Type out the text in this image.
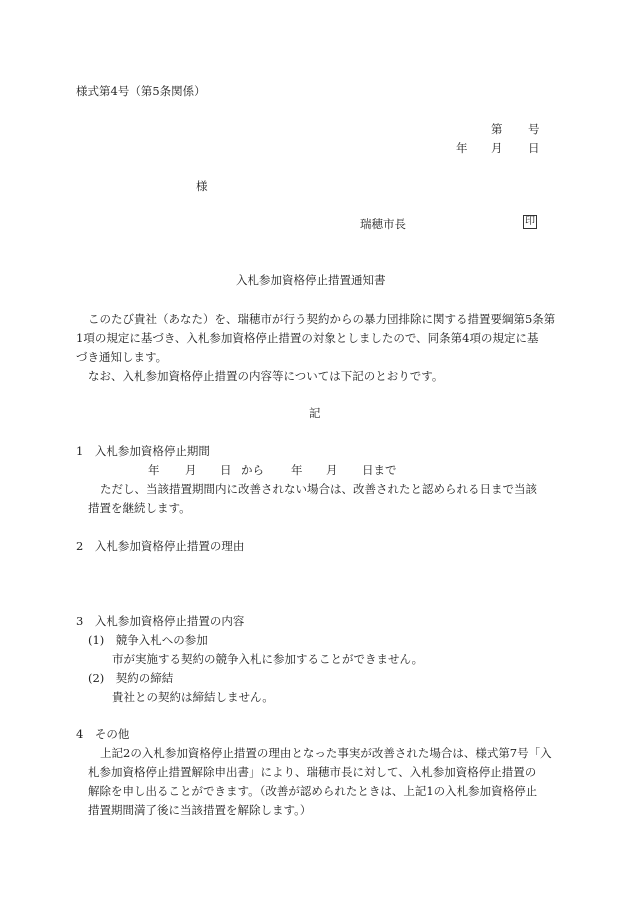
様式第4号（第5条関係）
第 号
年 月 日
様
瑞穂市長	印
入札参加資格停止措置通知書
このたび貴社（あなた）を、瑞穂市が行う契約からの暴力団排除に関する措置要綱第5条第
1項の規定に基づき、入札参加資格停止措置の対象としましたので、同条第4項の規定に基
づき通知します。
なお、入札参加資格停止措置の内容等については下記のとおりです。
記
1　入札参加資格停止期間
年 月 日 から 年 月 日まで
ただし、当該措置期間内に改善されない場合は、改善されたと認められる日まで当該
措置を継続します。
2　入札参加資格停止措置の理由
3　入札参加資格停止措置の内容
(1)　競争入札への参加
市が実施する契約の競争入札に参加することができません。
(2)　契約の締結
貴社との契約は締結しません。
4　その他
上記2の入札参加資格停止措置の理由となった事実が改善された場合は、様式第7号「入
札参加資格停止措置解除申出書」により、瑞穂市長に対して、入札参加資格停止措置の
解除を申し出ることができます。（改善が認められたときは、上記1の入札参加資格停止
措置期間満了後に当該措置を解除します。）
